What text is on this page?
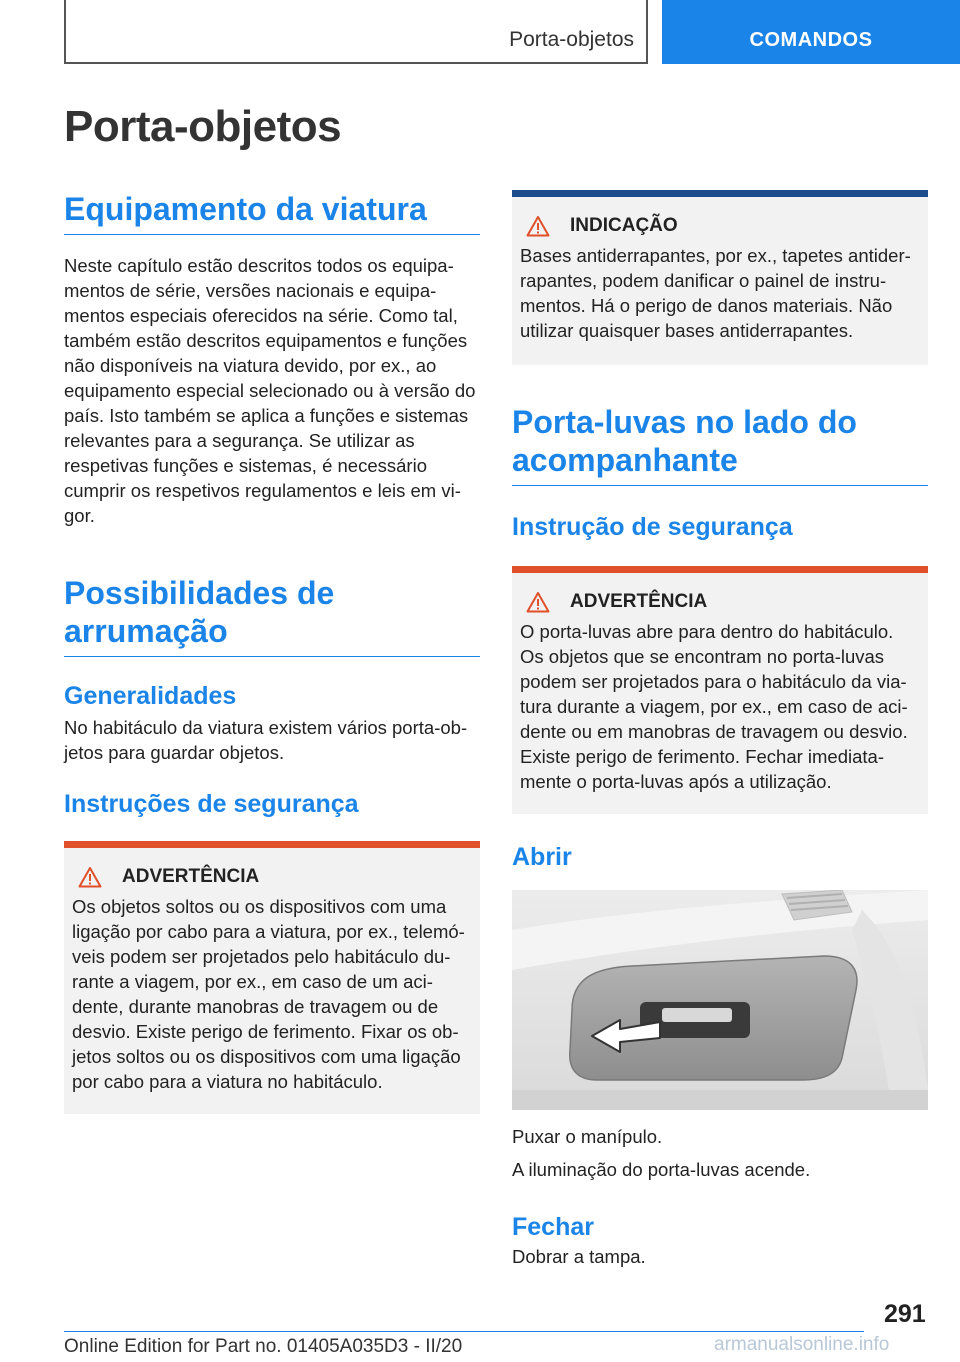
Porta-objetos	COMANDOS
Porta-objetos
Equipamento da viatura

Neste capítulo estão descritos todos os equipamentos de série, versões nacionais e equipamentos especiais oferecidos na série. Como tal, também estão descritos equipamentos e funções não disponíveis na viatura devido, por ex., ao equipamento especial selecionado ou à versão do país. Isto também se aplica a funções e sistemas relevantes para a segurança. Se utilizar as respetivas funções e sistemas, é necessário cumprir os respetivos regulamentos e leis em vigor.

Possibilidades de arrumação
Generalidades

No habitáculo da viatura existem vários porta-objetos para guardar objetos.

Instruções de segurança
ADVERTÊNCIA

Os objetos soltos ou os dispositivos com uma ligação por cabo para a viatura, por ex., telemóveis podem ser projetados pelo habitáculo durante a viagem, por ex., em caso de um acidente, durante manobras de travagem ou de desvio. Existe perigo de ferimento. Fixar os objetos soltos ou os dispositivos com uma ligação por cabo para a viatura no habitáculo.

INDICAÇÃO

Bases antiderrapantes, por ex., tapetes antiderrapantes, podem danificar o painel de instrumentos. Há o perigo de danos materiais. Não utilizar quaisquer bases antiderrapantes.

Porta-luvas no lado do acompanhante
Instrução de segurança
ADVERTÊNCIA

O porta-luvas abre para dentro do habitáculo. Os objetos que se encontram no porta-luvas podem ser projetados para o habitáculo da viatura durante a viagem, por ex., em caso de acidente ou em manobras de travagem ou desvio. Existe perigo de ferimento. Fechar imediatamente o porta-luvas após a utilização.

Abrir

Puxar o manípulo.

A iluminação do porta-luvas acende.

Fechar

Dobrar a tampa.

291
Online Edition for Part no. 01405A035D3 - II/20	armanualsonline.info
